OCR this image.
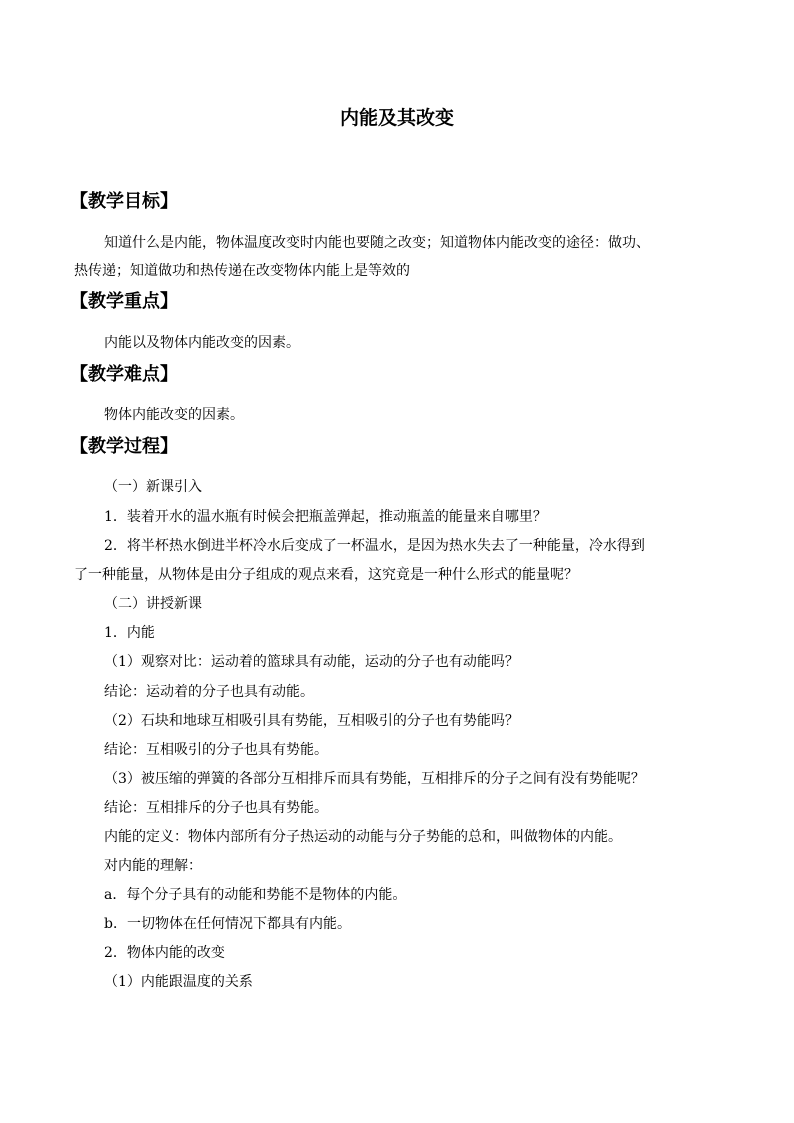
内能及其改变
【教学目标】
知道什么是内能，物体温度改变时内能也要随之改变；知道物体内能改变的途径：做功、
热传递；知道做功和热传递在改变物体内能上是等效的
【教学重点】
内能以及物体内能改变的因素。
【教学难点】
物体内能改变的因素。
【教学过程】
（一）新课引入
1．装着开水的温水瓶有时候会把瓶盖弹起，推动瓶盖的能量来自哪里？
2．将半杯热水倒进半杯冷水后变成了一杯温水，是因为热水失去了一种能量，冷水得到
了一种能量，从物体是由分子组成的观点来看，这究竟是一种什么形式的能量呢？
（二）讲授新课
1．内能
（1）观察对比：运动着的篮球具有动能，运动的分子也有动能吗？
结论：运动着的分子也具有动能。
（2）石块和地球互相吸引具有势能，互相吸引的分子也有势能吗？
结论：互相吸引的分子也具有势能。
（3）被压缩的弹簧的各部分互相排斥而具有势能，互相排斥的分子之间有没有势能呢？
结论：互相排斥的分子也具有势能。
内能的定义：物体内部所有分子热运动的动能与分子势能的总和，叫做物体的内能。
对内能的理解：
a．每个分子具有的动能和势能不是物体的内能。
b．一切物体在任何情况下都具有内能。
2．物体内能的改变
（1）内能跟温度的关系
